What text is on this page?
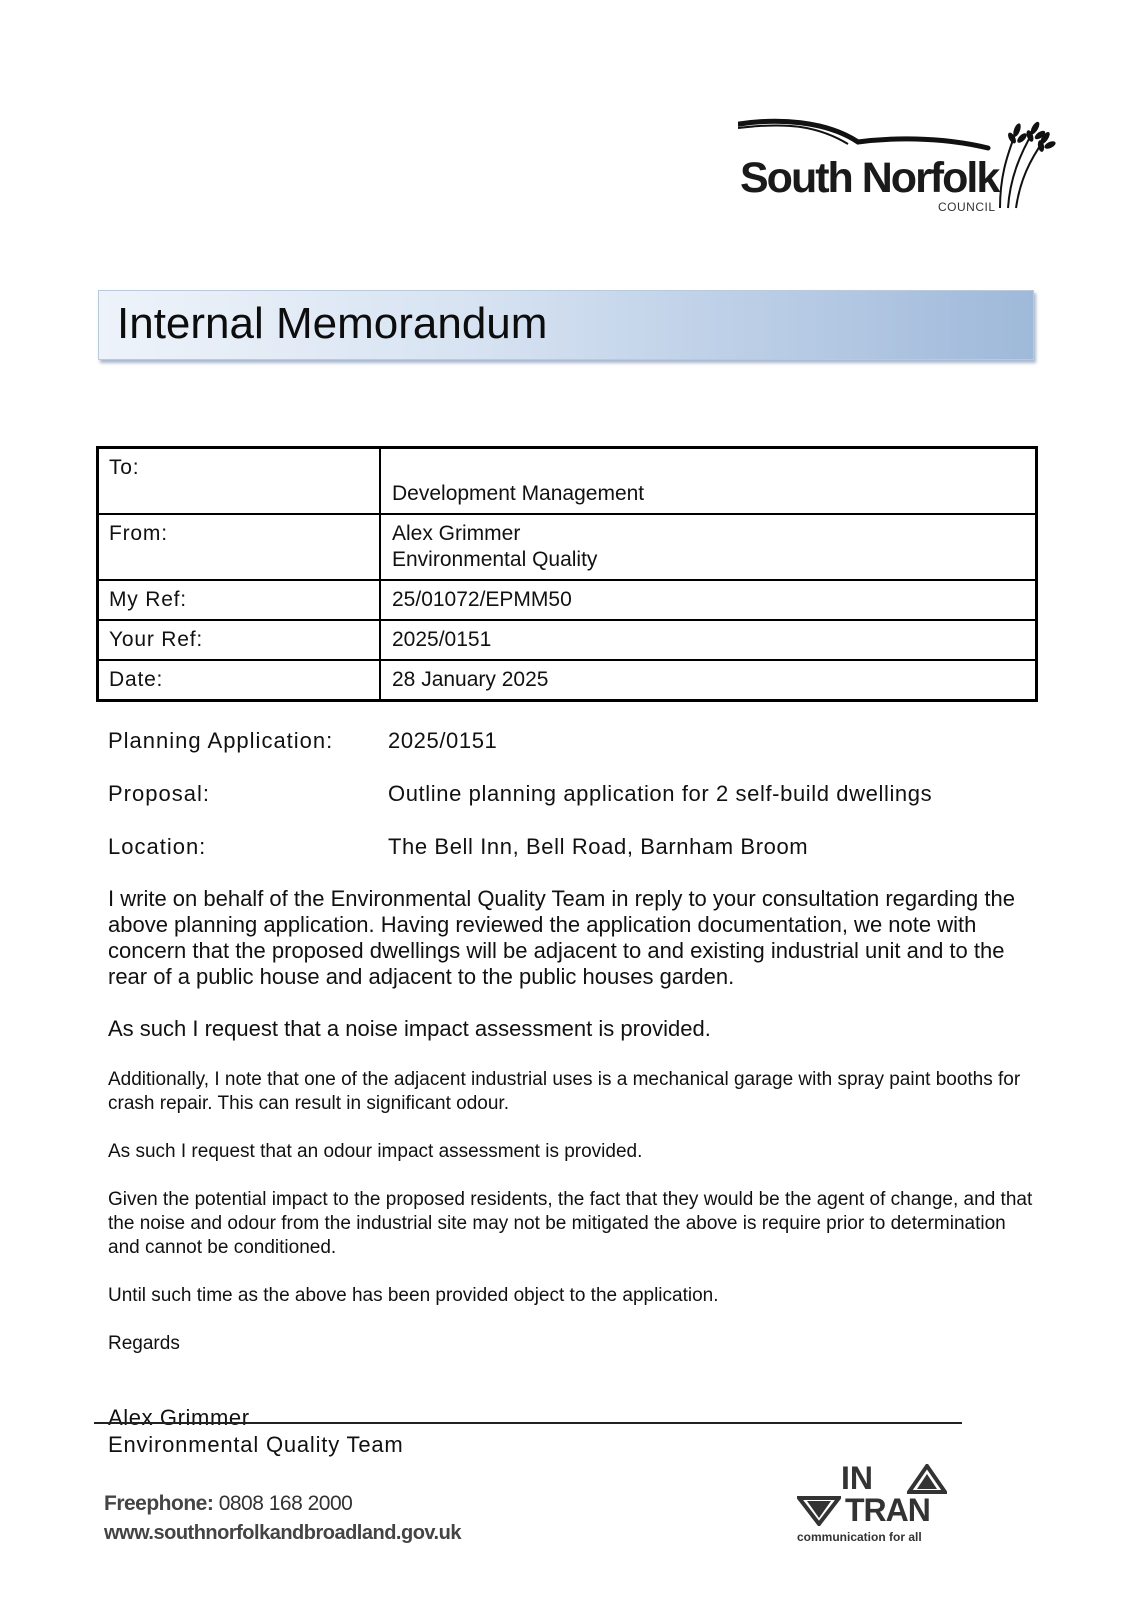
South Norfolk
COUNCIL
Internal Memorandum
To:	Development Management
From:	Alex Grimmer
Environmental Quality

My Ref:	25/01072/EPMM50
Your Ref:	2025/0151
Date:	28 January 2025
Planning Application: 2025/0151
Proposal:	Outline planning application for 2 self-build dwellings
Location:	The Bell Inn, Bell Road, Barnham Broom
I write on behalf of the Environmental Quality Team in reply to your consultation regarding the above planning application. Having reviewed the application documentation, we note with concern that the proposed dwellings will be adjacent to and existing industrial unit and to the rear of a public house and adjacent to the public houses garden.
As such I request that a noise impact assessment is provided.
Additionally, I note that one of the adjacent industrial uses is a mechanical garage with spray paint booths for crash repair. This can result in significant odour.
As such I request that an odour impact assessment is provided.
Given the potential impact to the proposed residents, the fact that they would be the agent of change, and that the noise and odour from the industrial site may not be mitigated the above is require prior to determination and cannot be conditioned.
Until such time as the above has been provided object to the application.
Regards
Alex Grimmer
Environmental Quality Team
Freephone: 0808 168 2000
www.southnorfolkandbroadland.gov.uk
IN
TRAN
communication for all
